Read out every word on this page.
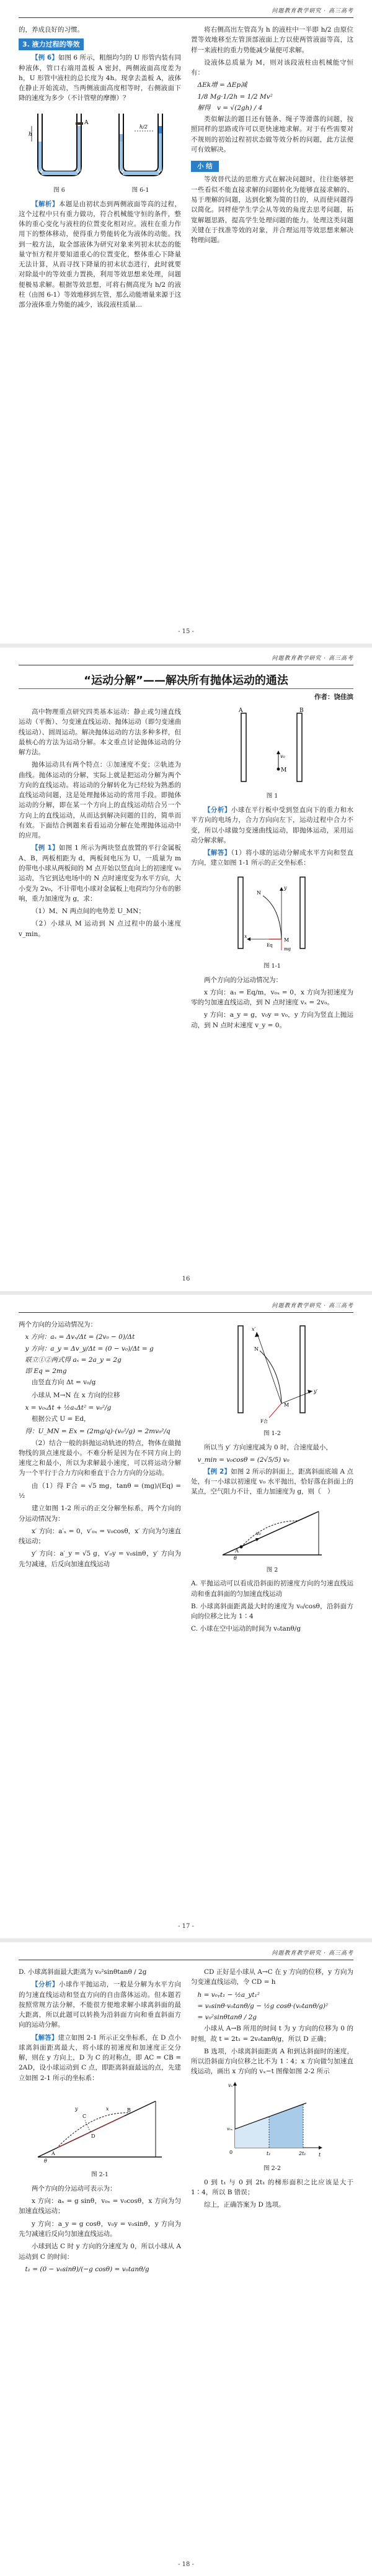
问题教育教学研究 · 高三高考

的，养成良好的习惯。

3. 液力过程的等效

【例 6】如图 6 所示，粗细均匀的 U 形管内装有同种液体，管口右端用盖板 A 密封，两侧液面高度差为 h，U 形管中液柱的总长度为 4h。现拿去盖板 A，液体在静止开始流动，当两侧液面高度相等时，右侧液面下降的速度为多少（不计管壁的摩擦）？

A
h
图 6
h/2
图 6-1

【解析】本题是由初状态到两侧液面等高的过程，这个过程中只有重力做功，符合机械能守恒的条件，整体的重心变化与液柱的位置变化相对应。液柱在重力作用下的整体移动，使得重力势能转化为液体的动能。找到一般方法，取全部液体为研究对象来列初末状态的能量守恒方程并要知道重心的位置变化，整体重心下降量无法计算，从而寻找下降量的初末状态进行，此时就要对除最中的等效重力置换，利用等效思想来处理，问题便极易求解。根据等效思想，可将右侧高度为 h/2 的液柱（由图 6-1）等效地移到左管，那么动能增量来源于这部分液体重力势能的减少，该段液柱质量...

将右侧高出左管高为 h 的液柱中一半即 h/2 由原位置等效地移至左管顶部液面上方以使两管液面等高，这样一来液柱的重力势能减少量便可求解。

设液体总质量为 M，则对该段液柱由机械能守恒有：

ΔEk增 = ΔEp减
1/8 Mg·1/2h = 1/2 Mv²
解得　v = √(2gh) / 4

类似解法的题目还有链条、绳子等滑落的问题，按照同样的思路或许可以更快速地求解。对于有些需要对不规则的初始过程初状态做等效分析的问题，此方法便可有效解决。

小 结

等效替代法的思维方式在解决问题时，往往能够把一些看似不能直接求解的问题转化为能够直接求解的、易于理解的问题，达到化繁为简的目的，从而使问题得以简化。同样使学生学会从等效的角度去思考问题，拓宽解题思路，提高学生处理问题的能力。处理这类问题关键在于找准等效的对象，并合理运用等效思想来解决物理问题。

- 15 -
问题教育教学研究 · 高三高考
“运动分解”——解决所有抛体运动的通法
作者：饶佳滨

高中物理重点研究四类基本运动：静止或匀速直线运动（平衡）、匀变速直线运动、抛体运动（即匀变速曲线运动）、圆周运动。解决抛体运动的方法多种多样，但最核心的方法为运动分解。本文重点讨论抛体运动的分解方法。

抛体运动具有两个特点：①加速度不变；②轨迹为曲线。抛体运动的分解，实际上就是把运动分解为两个方向的直线运动。将运动的分解转化为已经较为熟悉的直线运动问题，这是处理抛体运动的常用手段。即抛体运动的分解，即在某一个方向上的直线运动结合另一个方向上的直线运动，从而达到解决问题的目的，简单而有效。下面结合例题来看看运动分解在处理抛体运动中的应用。

【例 1】如图 1 所示为两块竖直放置的平行金属板 A、B，两板相距为 d，两板间电压为 U，一质量为 m 的带电小球从两板间的 M 点开始以竖直向上的初速度 v₀ 运动，当它到达电场中的 N 点时速度变为水平方向，大小变为 2v₀，不计带电小球对金属板上电荷均匀分布的影响，重力加速度为 g，求：

（1）M、N 两点间的电势差 U_MN；

（2）小球从 M 运动到 N 点过程中的最小速度 v_min。

A	B
M
v₀
图 1

【分析】小球在平行板中受到竖直向下的重力和水平方向的电场力，合力方向向左下，运动过程中合力不变，所以小球做匀变速曲线运动，即抛体运动，采用运动分解求解。

【解答】（1）将小球的运动分解成水平方向和竖直方向，建立如图 1-1 所示的正交坐标系：

x
y
M
N
mg
Eq
图 1-1

两个方向的分运动情况为：

x 方向：a₁ = Eq/m，v₀ₓ = 0，x 方向为初速度为零的匀加速直线运动，到 N 点时速度 vₓ = 2v₀。

y 方向：a_y = g，v₀y = v₀，y 方向为竖直上抛运动，到 N 点时末速度 v_y = 0。

16
问题教育教学研究 · 高三高考

两个方向的分运动情况为：

x 方向：aₓ = Δvₓ/Δt = (2v₀ − 0)/Δt
y 方向：a_y = Δv_y/Δt = (0 − v₀)/Δt = g
联立①②两式得 aₓ = 2a_y = 2g
即 Eq = 2mg

由竖直方向 Δt = v₀/g

小球从 M→N 在 x 方向的位移

x = v₀ₓΔt + ½aₓΔt² = v₀²/g

根据公式 U = Ed，

得：U_MN = Ex = (2mg/q)·(v₀²/g) = 2mv₀²/q

（2）结合一般的斜抛运动轨迹的特点，物体在做抛物线的顶点速度最小。不难分析是因为在不同方向上的速度之和最小，所以为求解最小速度，可以将运动分解为一个平行于合力方向和垂直于合力方向的分运动。

由（1）得 F合 = √5 mg，tanθ = (mg)/(Eq) = ½

建立如图 1-2 所示的正交分解坐标系，两个方向的分运动情况为：

x′ 方向：a′ₓ = 0，v′₀ₓ = v₀cosθ，x′ 方向为匀速直线运动；

y′ 方向：a′_y = √5 g，v′₀y = v₀sinθ，y′ 方向为先匀减速，后反向加速直线运动

x′
y′
F合
M
N
图 1-2

所以当 y′ 方向速度减为 0 时，合速度最小，

v_min = v₀cosθ = (2√5/5) v₀

【例 2】如图 2 所示的斜面上，距离斜面底端 A 点处，有一小球以初速度 v₀ 水平抛出，恰好落在斜面上的某点，空气阻力不计，重力加速度为 g，则（　）

v₀
A
θ
图 2

A. 平抛运动可以看成沿斜面的初速度方向的匀速直线运动和垂直斜面的匀加速直线运动

B. 小球离斜面距离最大时的速度为 v₀/cosθ，沿斜面方向的位移之比为 1∶4

C. 小球在空中运动的时间为 v₀tanθ/g

- 17 -
问题教育教学研究 · 高三高考

D. 小球离斜面最大距离为 v₀²sinθtanθ / 2g

【分析】小球作平抛运动，一般是分解为水平方向的匀速直线运动和竖直方向的自由落体运动。但本题若按照常规方法分解，不能很方便地求解小球离斜面的最大距离，所以此题可以转换为沿斜面方向和垂直斜面方向的运动分解。

【解答】建立如图 2-1 所示正交坐标系，在 D 点小球离斜面距离最大，将小球的初速度和加速度正交分解，则在 y 方向上，D 为 C 的对称点，即 AC = CB = 2AD，设小球运动到 C 点，即距离斜面最远的点，先建立如图 2-1 所示的坐标系：

A
B
C
D
θ
x
y
图 2-1

两个方向的分运动可表示为：

x 方向：aₓ = g sinθ，v₀ₓ = v₀cosθ，x 方向为匀加速直线运动；

y 方向：a_y = g cosθ，v₀y = v₀sinθ，y 方向为先匀减速后反向匀加速直线运动。

小球到达 C 时 y 方向的分速度为 0，所以小球从 A 运动到 C 的时间：

t₁ = (0 − v₀sinθ)/(−g cosθ) = v₀tanθ/g

CD 正好是小球从 A→C 在 y 方向的位移，y 方向为匀变速直线运动，令 CD = h

h = v₀ᵧt₁ − ½a_yt₁²
= v₀sinθ·v₀tanθ/g − ½g cosθ·(v₀tanθ/g)²
= v₀²sinθtanθ / 2g

小球从 A→B 所用的时间 t 为 y 方向的位移为 0 的时刻，故 t = 2t₁ = 2v₀tanθ/g，所以 D 正确；

B 选项，小球离斜面距离 A 和到达斜面时的速度，所以沿斜面方向位移之比不为 1∶4；x 方向做匀加速直线运动，画出 x 方向的 vₓ−t 图像如图 2-2 所示

v₀ₓ
t
vₓ
t₁	2t₁
0
图 2-2

0 到 t₁ 与 0 到 2t₁ 的梯形面积之比应该是大于 1∶4，所以 B 错误；

综上，正确答案为 D 选项。

- 18 -
